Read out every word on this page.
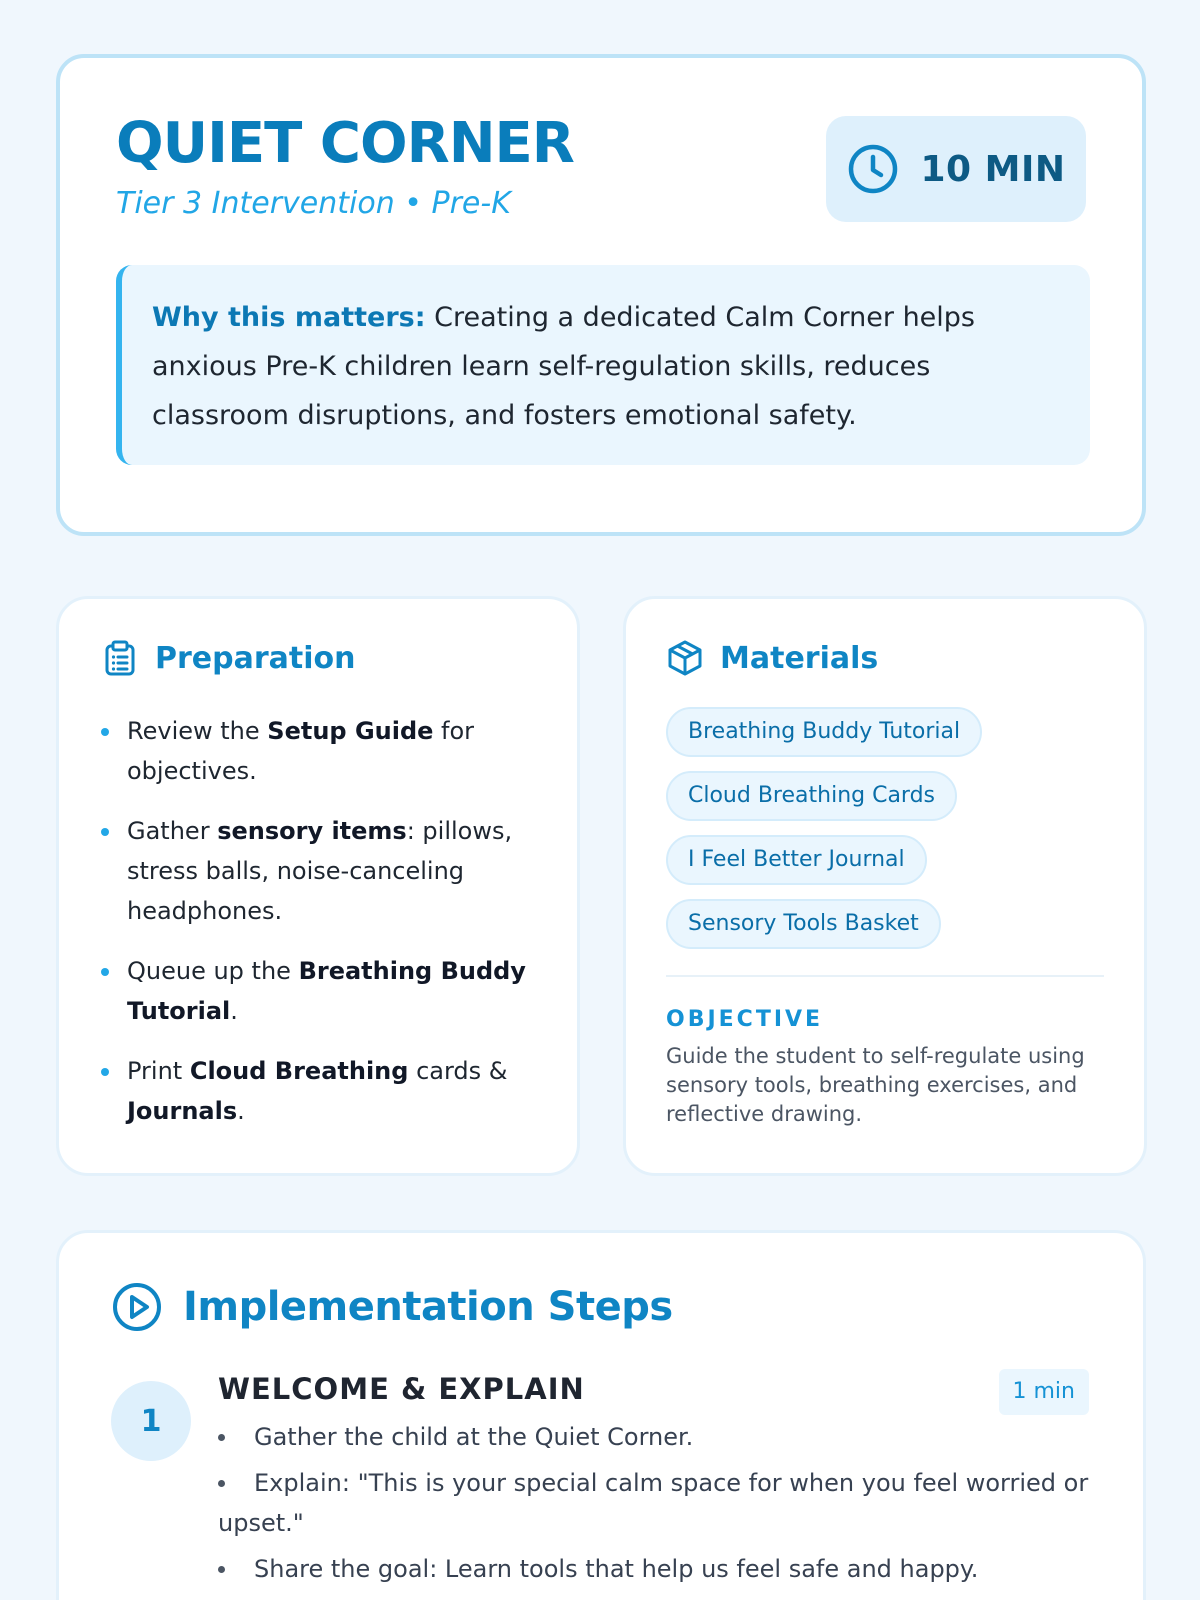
QUIET CORNER
Tier 3 Intervention • Pre-K
10 MIN
Why this matters: Creating a dedicated Calm Corner helps anxious Pre-K children learn self-regulation skills, reduces classroom disruptions, and fosters emotional safety.
Preparation
Review the Setup Guide for objectives.
Gather sensory items: pillows, stress balls, noise-canceling headphones.
Queue up the Breathing Buddy Tutorial.
Print Cloud Breathing cards & Journals.
Materials
Breathing Buddy Tutorial
Cloud Breathing Cards
I Feel Better Journal
Sensory Tools Basket
OBJECTIVE

Guide the student to self-regulate using sensory tools, breathing exercises, and reflective drawing.

Implementation Steps
1
WELCOME & EXPLAIN	1 min
Gather the child at the Quiet Corner.
Explain: "This is your special calm space for when you feel worried or upset."
Share the goal: Learn tools that help us feel safe and happy.
